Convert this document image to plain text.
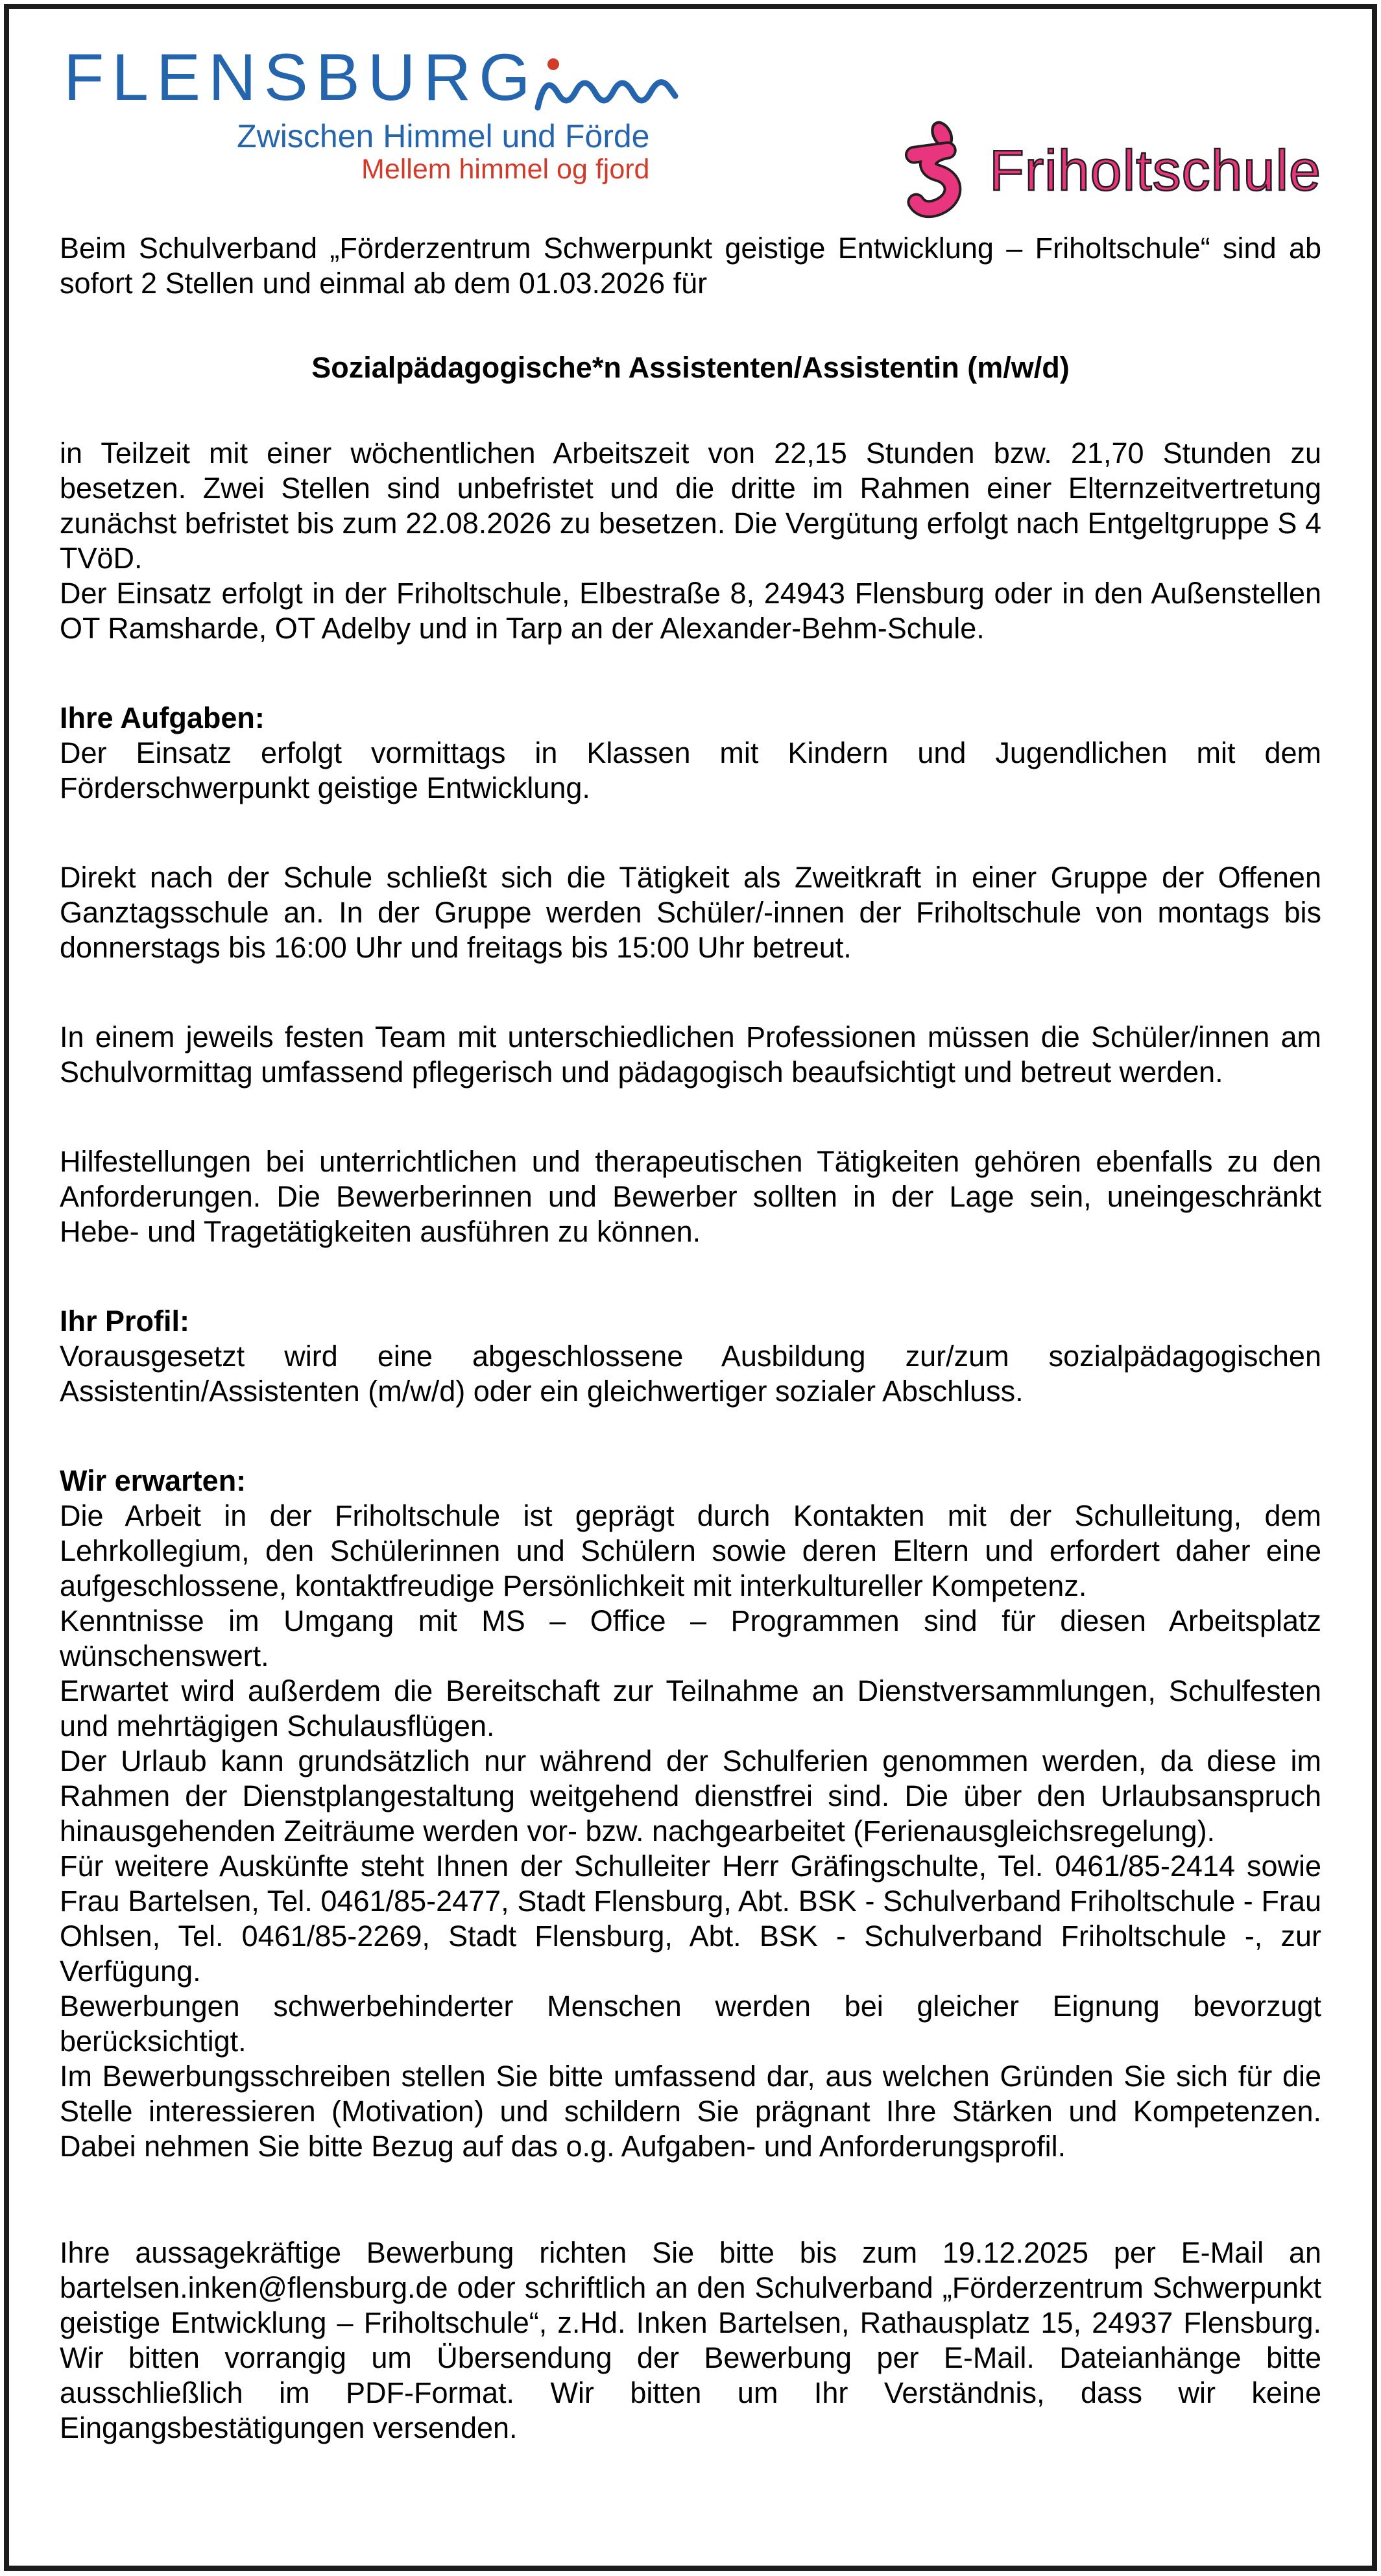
FLENSBURG
Zwischen Himmel und Förde
Mellem himmel og fjord	Friholtschule

Beim Schulverband „Förderzentrum Schwerpunkt geistige Entwicklung – Friholtschule“ sind ab sofort 2 Stellen und einmal ab dem 01.03.2026 für

Sozialpädagogische*n Assistenten/Assistentin (m/w/d)

in Teilzeit mit einer wöchentlichen Arbeitszeit von 22,15 Stunden bzw. 21,70 Stunden zu besetzen. Zwei Stellen sind unbefristet und die dritte im Rahmen einer Elternzeitvertretung zunächst befristet bis zum 22.08.2026 zu besetzen. Die Vergütung erfolgt nach Entgeltgruppe S 4 TVöD.

Der Einsatz erfolgt in der Friholtschule, Elbestraße 8, 24943 Flensburg oder in den Außenstellen OT Ramsharde, OT Adelby und in Tarp an der Alexander-Behm-Schule.

Ihre Aufgaben:

Der Einsatz erfolgt vormittags in Klassen mit Kindern und Jugendlichen mit dem Förderschwerpunkt geistige Entwicklung.

Direkt nach der Schule schließt sich die Tätigkeit als Zweitkraft in einer Gruppe der Offenen Ganztagsschule an. In der Gruppe werden Schüler/-innen der Friholtschule von montags bis donnerstags bis 16:00 Uhr und freitags bis 15:00 Uhr betreut.

In einem jeweils festen Team mit unterschiedlichen Professionen müssen die Schüler/innen am Schulvormittag umfassend pflegerisch und pädagogisch beaufsichtigt und betreut werden.

Hilfestellungen bei unterrichtlichen und therapeutischen Tätigkeiten gehören ebenfalls zu den Anforderungen. Die Bewerberinnen und Bewerber sollten in der Lage sein, uneingeschränkt Hebe- und Tragetätigkeiten ausführen zu können.

Ihr Profil:

Vorausgesetzt wird eine abgeschlossene Ausbildung zur/zum sozialpädagogischen Assistentin/Assistenten (m/w/d) oder ein gleichwertiger sozialer Abschluss.

Wir erwarten:

Die Arbeit in der Friholtschule ist geprägt durch Kontakten mit der Schulleitung, dem Lehrkollegium, den Schülerinnen und Schülern sowie deren Eltern und erfordert daher eine aufgeschlossene, kontaktfreudige Persönlichkeit mit interkultureller Kompetenz.

Kenntnisse im Umgang mit MS – Office – Programmen sind für diesen Arbeitsplatz wünschenswert.

Erwartet wird außerdem die Bereitschaft zur Teilnahme an Dienstversammlungen, Schulfesten und mehrtägigen Schulausflügen.

Der Urlaub kann grundsätzlich nur während der Schulferien genommen werden, da diese im Rahmen der Dienstplangestaltung weitgehend dienstfrei sind. Die über den Urlaubsanspruch hinausgehenden Zeiträume werden vor- bzw. nachgearbeitet (Ferienausgleichsregelung).

Für weitere Auskünfte steht Ihnen der Schulleiter Herr Gräfingschulte, Tel. 0461/85-2414 sowie Frau Bartelsen, Tel. 0461/85-2477, Stadt Flensburg, Abt. BSK - Schulverband Friholtschule - Frau Ohlsen, Tel. 0461/85-2269, Stadt Flensburg, Abt. BSK - Schulverband Friholtschule -, zur Verfügung.

Bewerbungen schwerbehinderter Menschen werden bei gleicher Eignung bevorzugt berücksichtigt.

Im Bewerbungsschreiben stellen Sie bitte umfassend dar, aus welchen Gründen Sie sich für die Stelle interessieren (Motivation) und schildern Sie prägnant Ihre Stärken und Kompetenzen. Dabei nehmen Sie bitte Bezug auf das o.g. Aufgaben- und Anforderungsprofil.

Ihre aussagekräftige Bewerbung richten Sie bitte bis zum 19.12.2025 per E-Mail an bartelsen.inken@flensburg.de oder schriftlich an den Schulverband „Förderzentrum Schwerpunkt geistige Entwicklung – Friholtschule“, z.Hd. Inken Bartelsen, Rathausplatz 15, 24937 Flensburg. Wir bitten vorrangig um Übersendung der Bewerbung per E-Mail. Dateianhänge bitte ausschließlich im PDF-Format. Wir bitten um Ihr Verständnis, dass wir keine Eingangsbestätigungen versenden.
